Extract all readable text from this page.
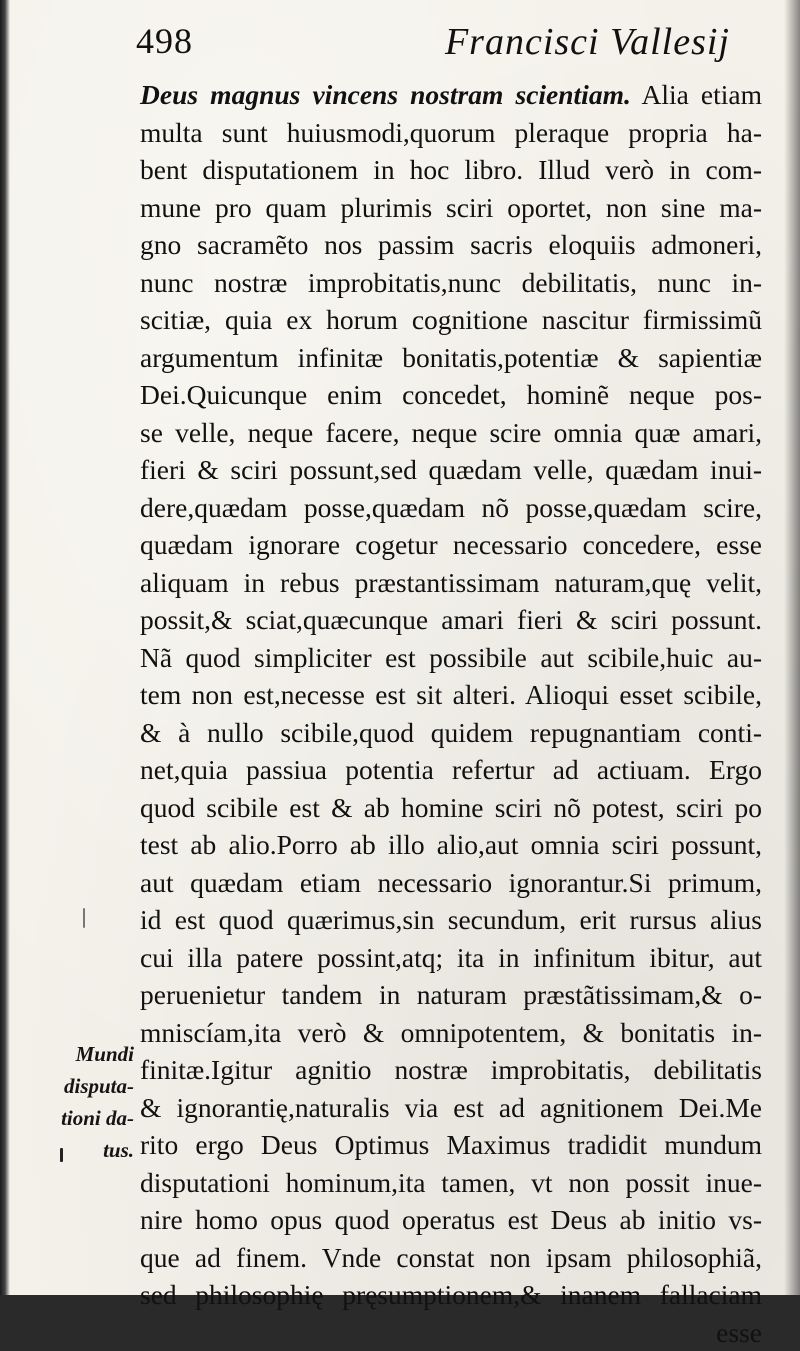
498	Francisci Vallesij
Deus magnus vincens nostram scientiam. Alia etiam
multa sunt huiusmodi,quorum pleraque propria ha-
bent disputationem in hoc libro. Illud verò in com-
mune pro quam plurimis sciri oportet, non sine ma-
gno sacramẽto nos passim sacris eloquiis admoneri,
nunc nostræ improbitatis,nunc debilitatis, nunc in-
scitiæ, quia ex horum cognitione nascitur firmissimũ
argumentum infinitæ bonitatis,potentiæ & sapientiæ
Dei.Quicunque enim concedet, hominẽ neque pos-
se velle, neque facere, neque scire omnia quæ amari,
fieri & sciri possunt,sed quædam velle, quædam inui-
dere,quædam posse,quædam nõ posse,quædam scire,
quædam ignorare cogetur necessario concedere, esse
aliquam in rebus præstantissimam naturam,quę velit,
possit,& sciat,quæcunque amari fieri & sciri possunt.
Nã quod simpliciter est possibile aut scibile,huic au-
tem non est,necesse est sit alteri. Alioqui esset scibile,
& à nullo scibile,quod quidem repugnantiam conti-
net,quia passiua potentia refertur ad actiuam. Ergo
quod scibile est & ab homine sciri nõ potest, sciri po
test ab alio.Porro ab illo alio,aut omnia sciri possunt,
aut quædam etiam necessario ignorantur.Si primum,
id est quod quærimus,sin secundum, erit rursus alius
cui illa patere possint,atq; ita in infinitum ibitur, aut
peruenietur tandem in naturam præstãtissimam,& o-
mniscíam,ita verò & omnipotentem, & bonitatis in-
finitæ.Igitur agnitio nostræ improbitatis, debilitatis
& ignorantię,naturalis via est ad agnitionem Dei.Me
rito ergo Deus Optimus Maximus tradidit mundum
disputationi hominum,ita tamen, vt non possit inue-
nire homo opus quod operatus est Deus ab initio vs-
que ad finem. Vnde constat non ipsam philosophiã,
sed philosophię pręsumptionem,& inanem fallaciam
esse
Mundi
disputa-
tioni da-
tus.
